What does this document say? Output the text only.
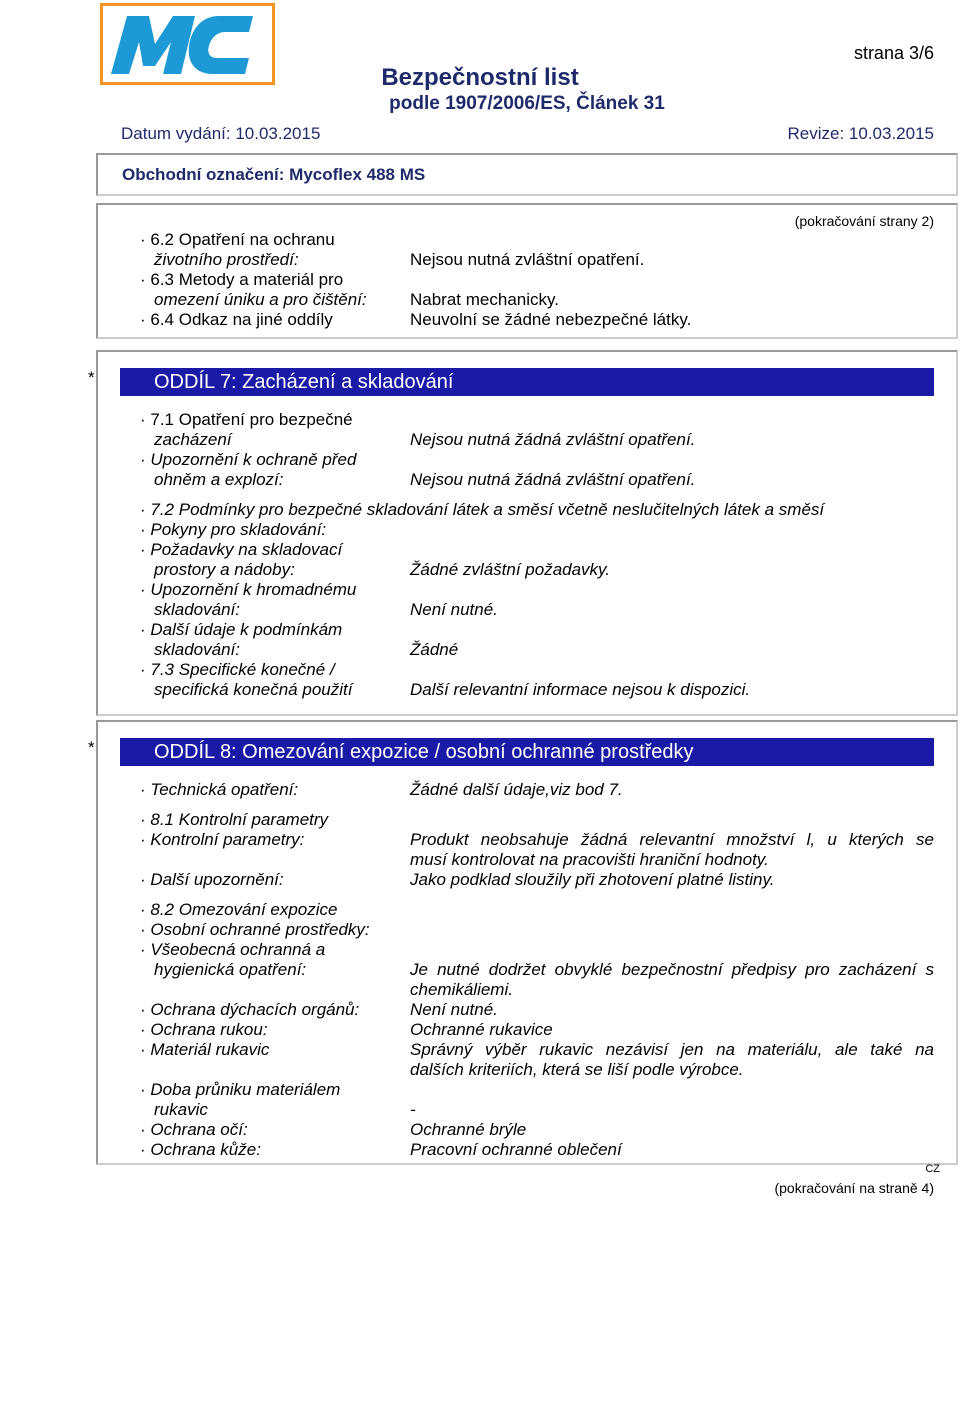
strana 3/6
Bezpečnostní list
podle 1907/2006/ES, Článek 31
Datum vydání: 10.03.2015	Revize: 10.03.2015
Obchodní označení: Mycoflex 488 MS
(pokračování strany 2)
· 6.2 Opatření na ochranu
životního prostředí:	Nejsou nutná zvláštní opatření.
· 6.3 Metody a materiál pro
omezení úniku a pro čištění:	Nabrat mechanicky.
· 6.4 Odkaz na jiné oddíly	Neuvolní se žádné nebezpečné látky.
*	ODDÍL 7: Zacházení a skladování
· 7.1 Opatření pro bezpečné
zacházení	Nejsou nutná žádná zvláštní opatření.
· Upozornění k ochraně před
ohněm a explozí:	Nejsou nutná žádná zvláštní opatření.
· 7.2 Podmínky pro bezpečné skladování látek a směsí včetně neslučitelných látek a směsí
· Pokyny pro skladování:
· Požadavky na skladovací
prostory a nádoby:	Žádné zvláštní požadavky.
· Upozornění k hromadnému
skladování:	Není nutné.
· Další údaje k podmínkám
skladování:	Žádné
· 7.3 Specifické konečné /
specifická konečná použití	Další relevantní informace nejsou k dispozici.
*	ODDÍL 8: Omezování expozice / osobní ochranné prostředky
· Technická opatření:	Žádné další údaje,viz bod 7.
· 8.1 Kontrolní parametry
· Kontrolní parametry:	Produkt neobsahuje žádná relevantní množství l, u kterých se
musí kontrolovat na pracovišti hraniční hodnoty.
· Další upozornění:	Jako podklad sloužily při zhotovení platné listiny.
· 8.2 Omezování expozice
· Osobní ochranné prostředky:
· Všeobecná ochranná a
hygienická opatření:	Je nutné dodržet obvyklé bezpečnostní předpisy pro zacházení s
chemikáliemi.
· Ochrana dýchacích orgánů:	Není nutné.
· Ochrana rukou:	Ochranné rukavice
· Materiál rukavic	Správný výběr rukavic nezávisí jen na materiálu, ale také na
dalších kriteriích, která se liší podle výrobce.
· Doba průniku materiálem
rukavic	-
· Ochrana očí:	Ochranné brýle
· Ochrana kůže:	Pracovní ochranné oblečení
CZ
(pokračování na straně 4)
